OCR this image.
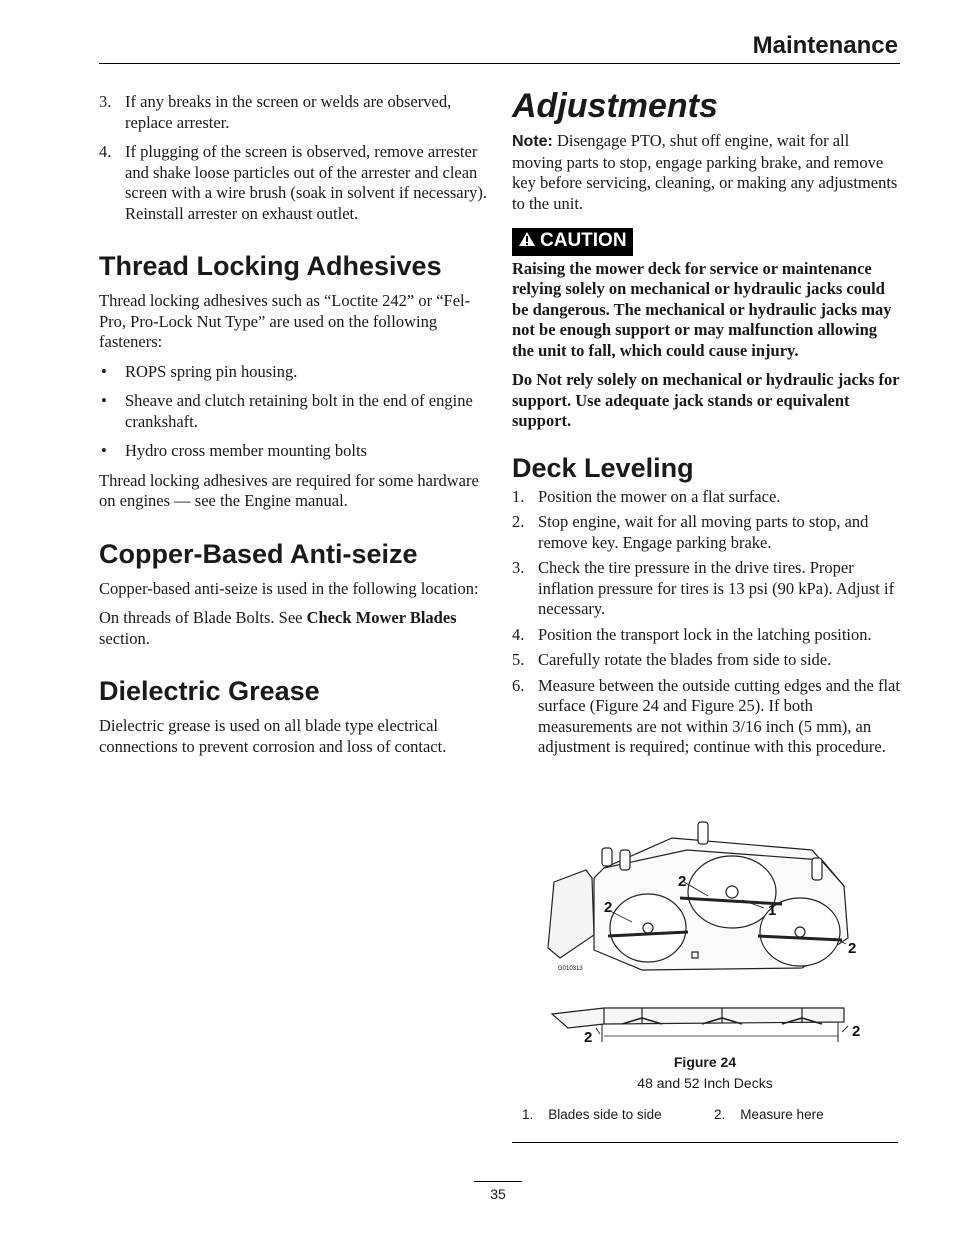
Maintenance
3. If any breaks in the screen or welds are observed, replace arrester.
4. If plugging of the screen is observed, remove arrester and shake loose particles out of the arrester and clean screen with a wire brush (soak in solvent if necessary). Reinstall arrester on exhaust outlet.
Thread Locking Adhesives

Thread locking adhesives such as “Loctite 242” or “Fel-Pro, Pro-Lock Nut Type” are used on the following fasteners:

• ROPS spring pin housing.
• Sheave and clutch retaining bolt in the end of engine crankshaft.
• Hydro cross member mounting bolts

Thread locking adhesives are required for some hardware on engines — see the Engine manual.

Copper-Based Anti-seize

Copper-based anti-seize is used in the following location:

On threads of Blade Bolts. See Check Mower Blades section.

Dielectric Grease

Dielectric grease is used on all blade type electrical connections to prevent corrosion and loss of contact.

Adjustments

Note: Disengage PTO, shut off engine, wait for all moving parts to stop, engage parking brake, and remove key before servicing, cleaning, or making any adjustments to the unit.

CAUTION

Raising the mower deck for service or maintenance relying solely on mechanical or hydraulic jacks could be dangerous. The mechanical or hydraulic jacks may not be enough support or may malfunction allowing the unit to fall, which could cause injury.

Do Not rely solely on mechanical or hydraulic jacks for support. Use adequate jack stands or equivalent support.

Deck Leveling
1. Position the mower on a flat surface.
2. Stop engine, wait for all moving parts to stop, and remove key. Engage parking brake.
3. Check the tire pressure in the drive tires. Proper inflation pressure for tires is 13 psi (90 kPa). Adjust if necessary.
4. Position the transport lock in the latching position.
5. Carefully rotate the blades from side to side.
6. Measure between the outside cutting edges and the flat surface (Figure 24 and Figure 25). If both measurements are not within 3/16 inch (5 mm), an adjustment is required; continue with this procedure.
2
2	1
2
2	2
G010313
Figure 24
48 and 52 Inch Decks
1. Blades side to side	2. Measure here
35
